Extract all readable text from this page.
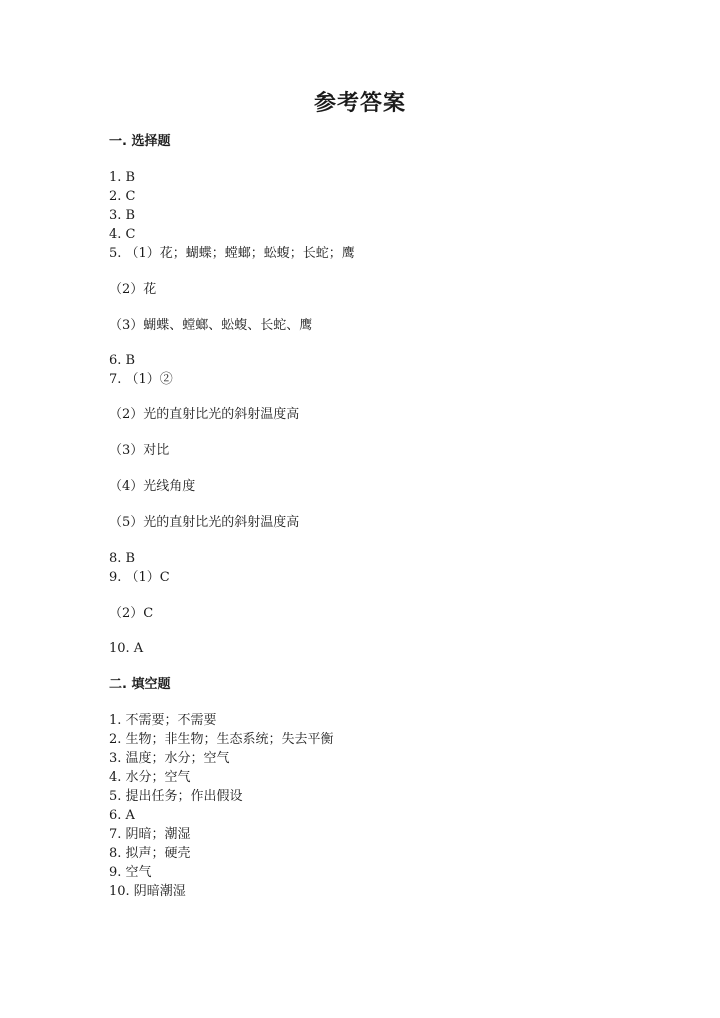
参考答案
一. 选择题
1. B
2. C
3. B
4. C
5. （1）花；蝴蝶；螳螂；蚣蝮；长蛇；鹰
（2）花
（3）蝴蝶、螳螂、蚣蝮、长蛇、鹰
6. B
7. （1）②
（2）光的直射比光的斜射温度高
（3）对比
（4）光线角度
（5）光的直射比光的斜射温度高
8. B
9. （1）C
（2）C
10. A
二. 填空题
1. 不需要；不需要
2. 生物；非生物；生态系统；失去平衡
3. 温度；水分；空气
4. 水分；空气
5. 提出任务；作出假设
6. A
7. 阴暗；潮湿
8. 拟声；硬壳
9. 空气
10. 阴暗潮湿
